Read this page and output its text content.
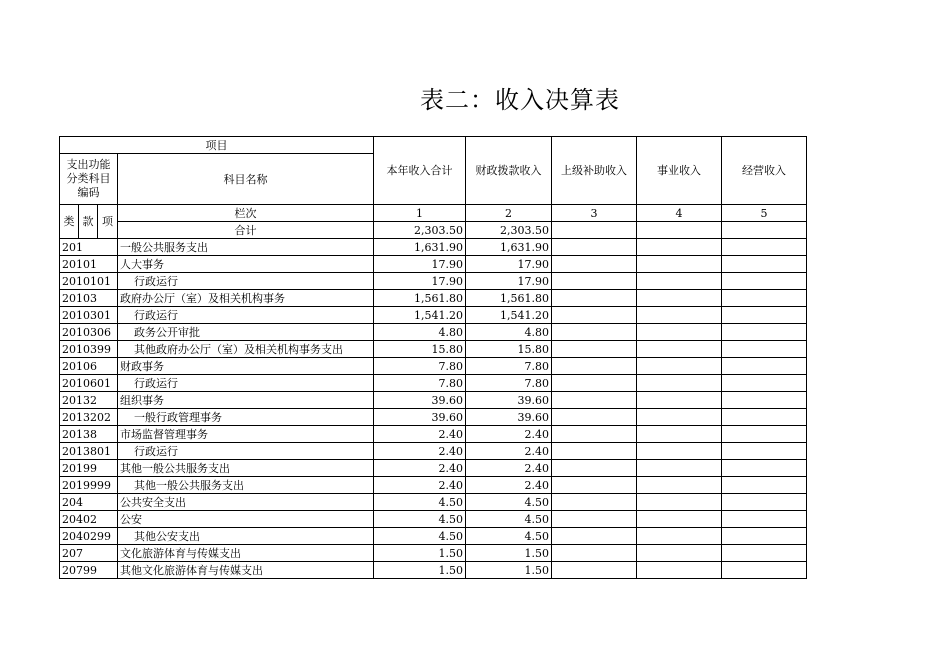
表二：收入决算表
项目				本年收入合计	财政拨款收入	上级补助收入	事业收入	经营收入
支出功能分类科目编码			科目名称					
类	款	项	栏次	1	2	3	4	5
			合计	2,303.50	2,303.50			
201			一般公共服务支出	1,631.90	1,631.90			
20101			人大事务	17.90	17.90			
2010101			行政运行	17.90	17.90			
20103			政府办公厅（室）及相关机构事务	1,561.80	1,561.80			
2010301			行政运行	1,541.20	1,541.20			
2010306			政务公开审批	4.80	4.80			
2010399			其他政府办公厅（室）及相关机构事务支出	15.80	15.80			
20106			财政事务	7.80	7.80			
2010601			行政运行	7.80	7.80			
20132			组织事务	39.60	39.60			
2013202			一般行政管理事务	39.60	39.60			
20138			市场监督管理事务	2.40	2.40			
2013801			行政运行	2.40	2.40			
20199			其他一般公共服务支出	2.40	2.40			
2019999			其他一般公共服务支出	2.40	2.40			
204			公共安全支出	4.50	4.50			
20402			公安	4.50	4.50			
2040299			其他公安支出	4.50	4.50			
207			文化旅游体育与传媒支出	1.50	1.50			
20799			其他文化旅游体育与传媒支出	1.50	1.50			
